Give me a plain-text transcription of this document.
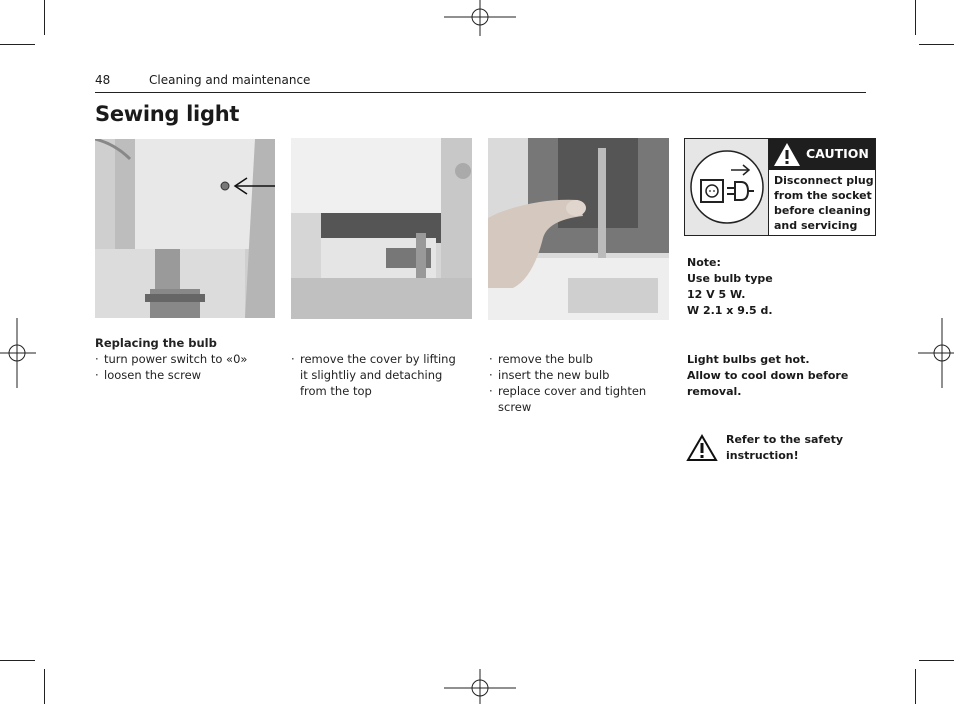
48	Cleaning and maintenance
Sewing light
Replacing the bulb
· turn power switch to «0»
· loosen the screw
· remove the cover by lifting it slightliy and detaching from the top
· remove the bulb
· insert the new bulb
· replace cover and tighten screw
CAUTION
Disconnect plug from the socket before cleaning and servicing
Note:
Use bulb type
12 V 5 W.
W 2.1 x 9.5 d.
Light bulbs get hot.
Allow to cool down before
removal.
Refer to the safety
instruction!
